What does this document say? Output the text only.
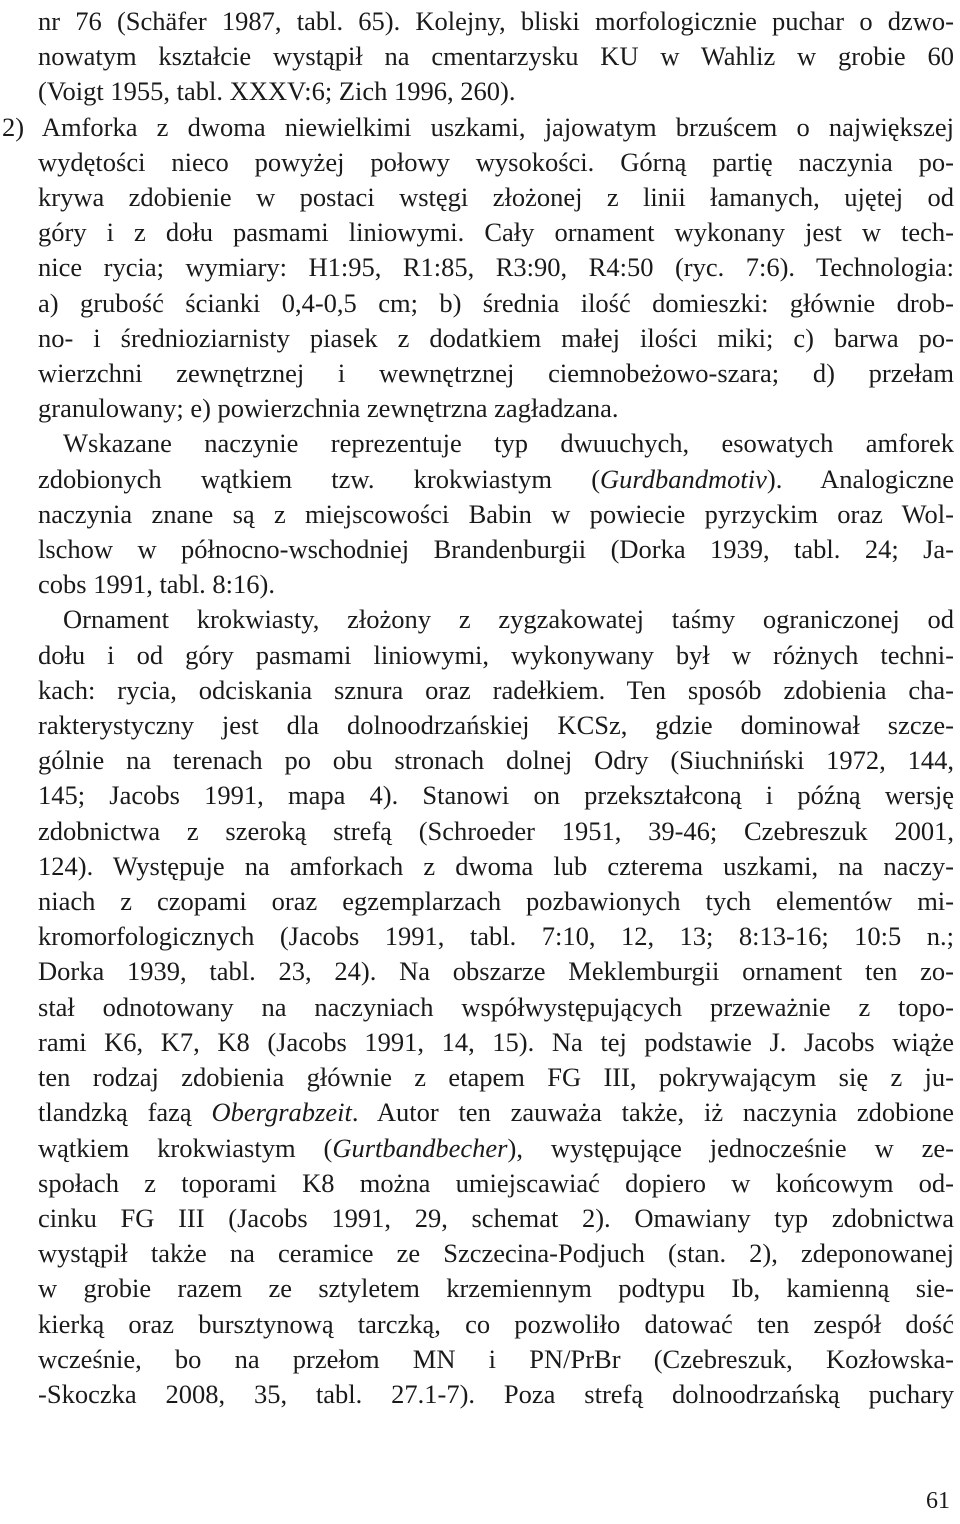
nr 76 (Schäfer 1987, tabl. 65). Kolejny, bliski morfologicznie puchar o dzwo-
nowatym kształcie wystąpił na cmentarzysku KU w Wahliz w grobie 60
(Voigt 1955, tabl. XXXV:6; Zich 1996, 260).
2) Amforka z dwoma niewielkimi uszkami, jajowatym brzuścem o największej
wydętości nieco powyżej połowy wysokości. Górną partię naczynia po-
krywa zdobienie w postaci wstęgi złożonej z linii łamanych, ujętej od
góry i z dołu pasmami liniowymi. Cały ornament wykonany jest w tech-
nice rycia; wymiary: H1:95, R1:85, R3:90, R4:50 (ryc. 7:6). Technologia:
a) grubość ścianki 0,4-0,5 cm; b) średnia ilość domieszki: głównie drob-
no- i średnioziarnisty piasek z dodatkiem małej ilości miki; c) barwa po-
wierzchni zewnętrznej i wewnętrznej ciemnobeżowo-szara; d) przełam
granulowany; e) powierzchnia zewnętrzna zagładzana.
Wskazane naczynie reprezentuje typ dwuuchych, esowatych amforek
zdobionych wątkiem tzw. krokwiastym (Gurdbandmotiv). Analogiczne
naczynia znane są z miejscowości Babin w powiecie pyrzyckim oraz Wol-
lschow w północno-wschodniej Brandenburgii (Dorka 1939, tabl. 24; Ja-
cobs 1991, tabl. 8:16).
Ornament krokwiasty, złożony z zygzakowatej taśmy ograniczonej od
dołu i od góry pasmami liniowymi, wykonywany był w różnych techni-
kach: rycia, odciskania sznura oraz radełkiem. Ten sposób zdobienia cha-
rakterystyczny jest dla dolnoodrzańskiej KCSz, gdzie dominował szcze-
gólnie na terenach po obu stronach dolnej Odry (Siuchniński 1972, 144,
145; Jacobs 1991, mapa 4). Stanowi on przekształconą i późną wersję
zdobnictwa z szeroką strefą (Schroeder 1951, 39-46; Czebreszuk 2001,
124). Występuje na amforkach z dwoma lub czterema uszkami, na naczy-
niach z czopami oraz egzemplarzach pozbawionych tych elementów mi-
kromorfologicznych (Jacobs 1991, tabl. 7:10, 12, 13; 8:13-16; 10:5 n.;
Dorka 1939, tabl. 23, 24). Na obszarze Meklemburgii ornament ten zo-
stał odnotowany na naczyniach współwystępujących przeważnie z topo-
rami K6, K7, K8 (Jacobs 1991, 14, 15). Na tej podstawie J. Jacobs wiąże
ten rodzaj zdobienia głównie z etapem FG III, pokrywającym się z ju-
tlandzką fazą Obergrabzeit. Autor ten zauważa także, iż naczynia zdobione
wątkiem krokwiastym (Gurtbandbecher), występujące jednocześnie w ze-
społach z toporami K8 można umiejscawiać dopiero w końcowym od-
cinku FG III (Jacobs 1991, 29, schemat 2). Omawiany typ zdobnictwa
wystąpił także na ceramice ze Szczecina-Podjuch (stan. 2), zdeponowanej
w grobie razem ze sztyletem krzemiennym podtypu Ib, kamienną sie-
kierką oraz bursztynową tarczką, co pozwoliło datować ten zespół dość
wcześnie, bo na przełom MN i PN/PrBr (Czebreszuk, Kozłowska-
-Skoczka 2008, 35, tabl. 27.1-7). Poza strefą dolnoodrzańską puchary
61
